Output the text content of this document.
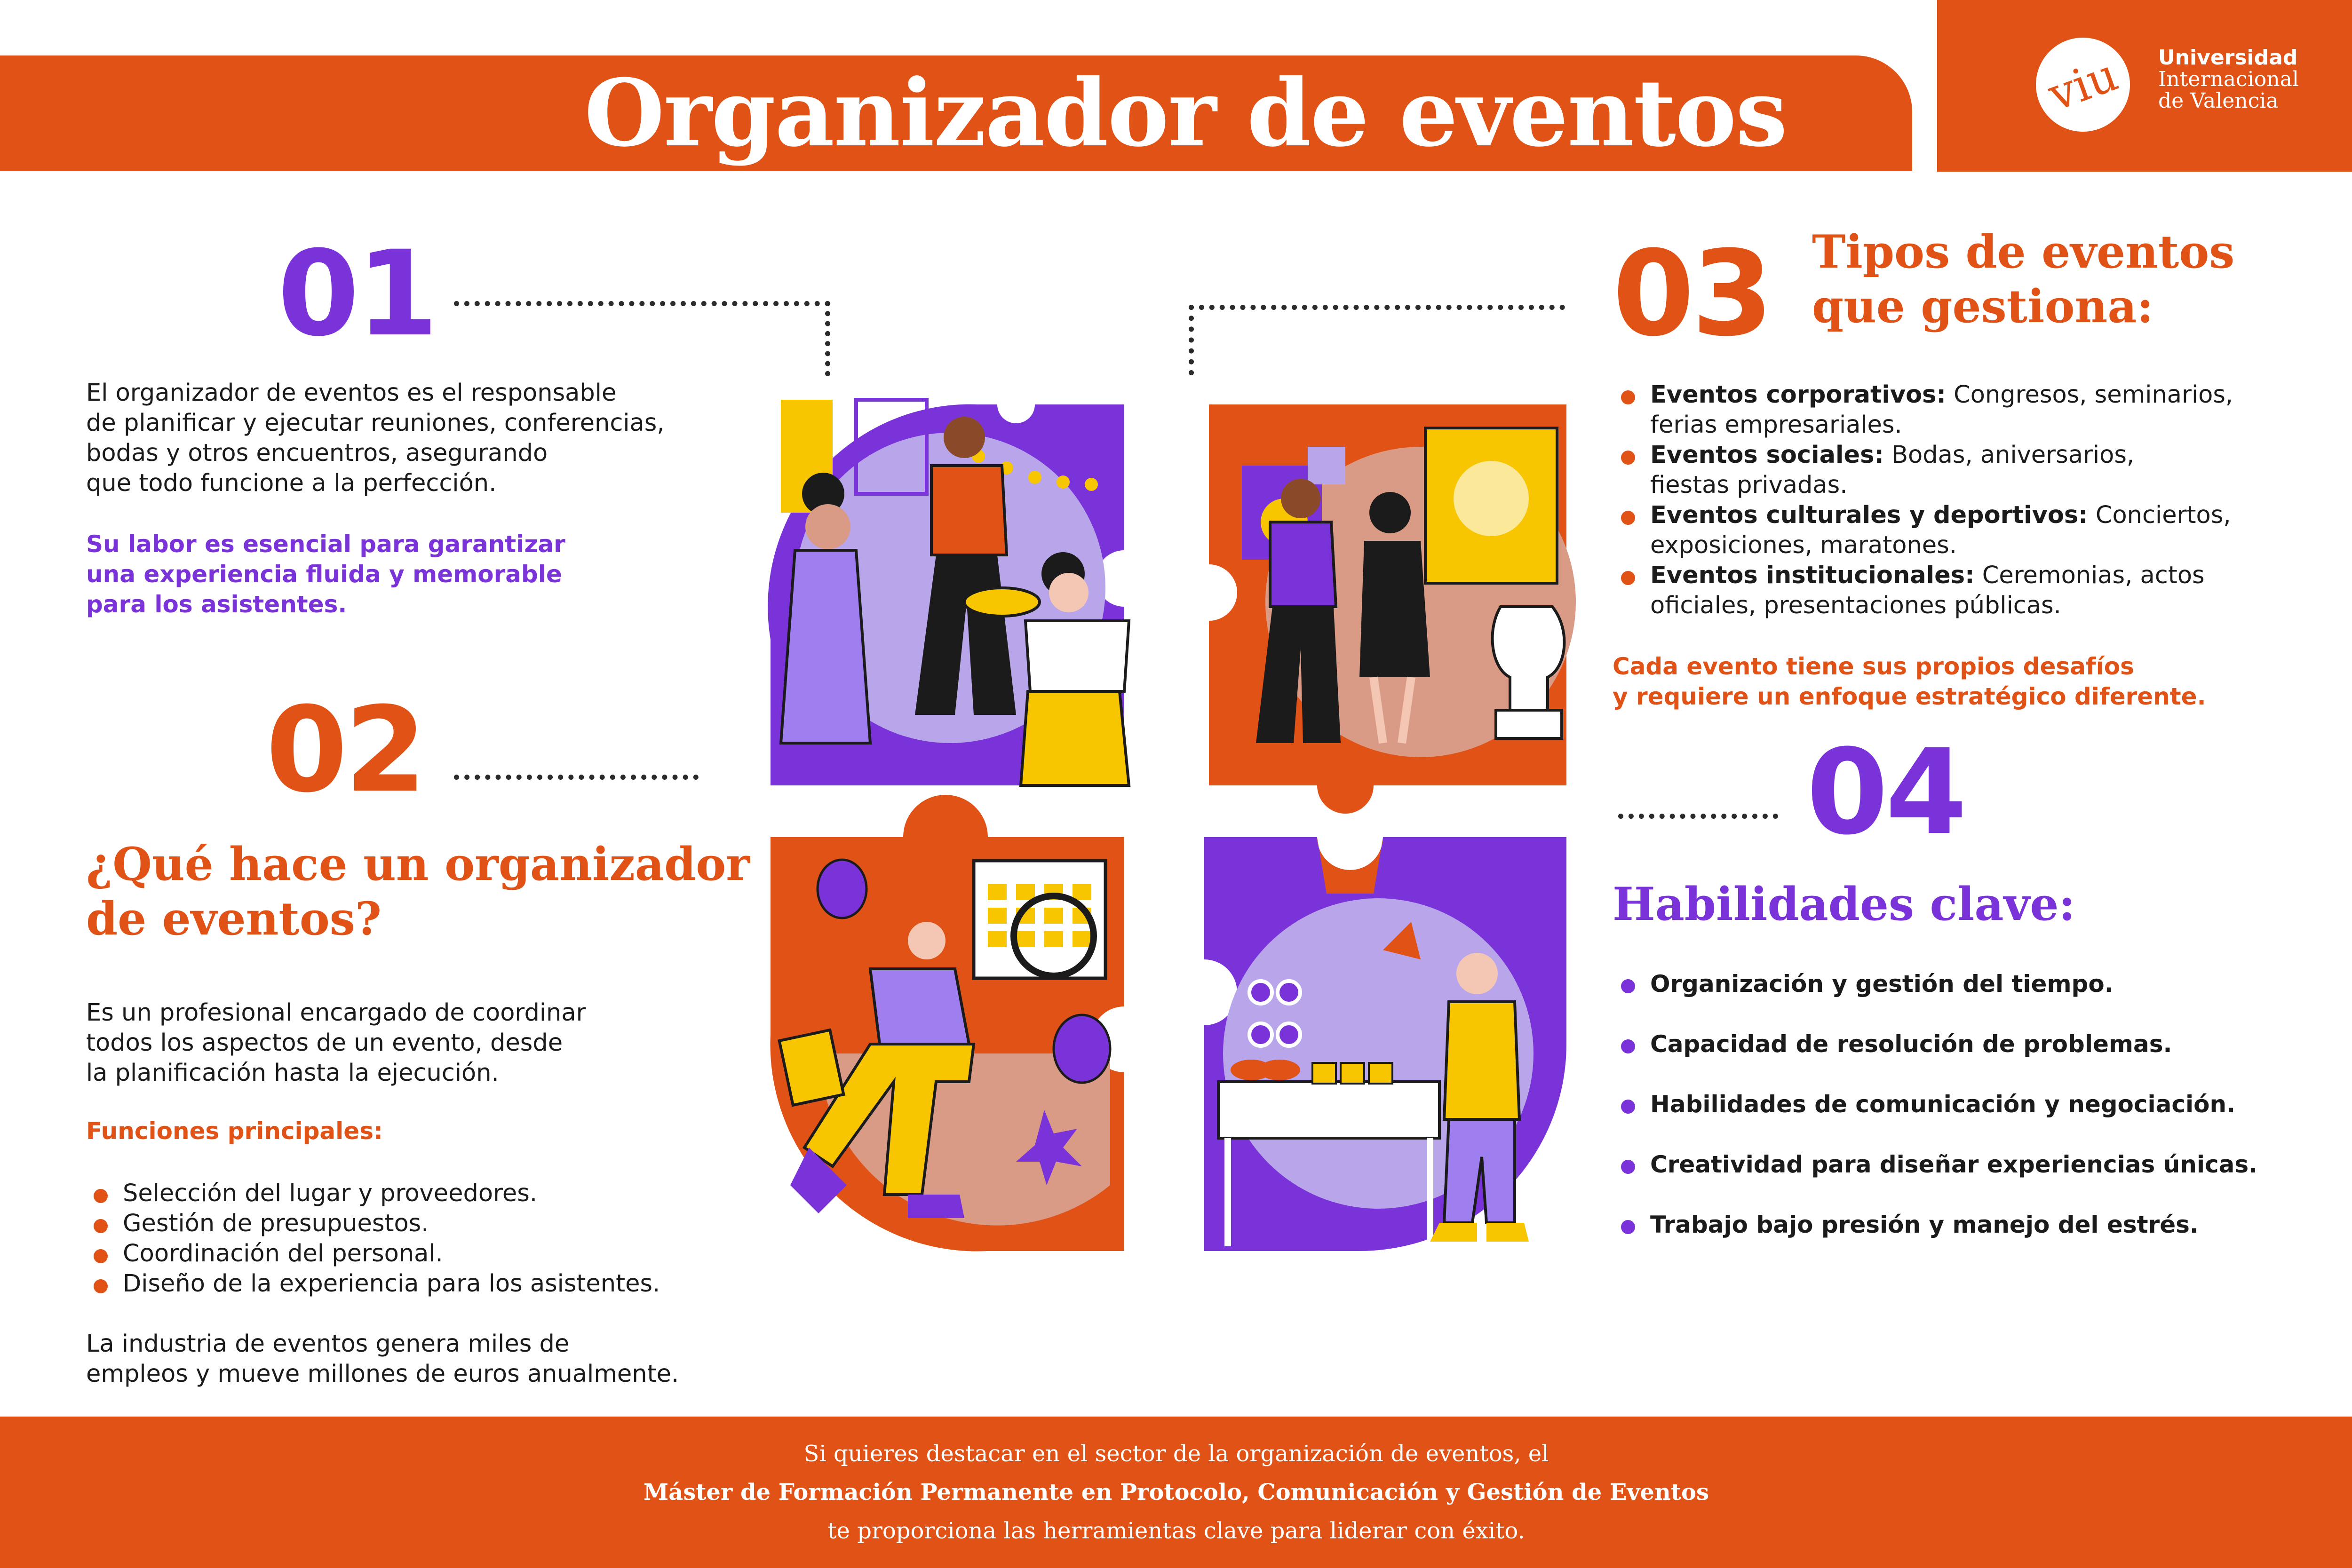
Organizador de eventos	viu	Universidad
Internacional
de Valencia
01
El organizador de eventos es el responsable
de planificar y ejecutar reuniones, conferencias,
bodas y otros encuentros, asegurando
que todo funcione a la perfección.
Su labor es esencial para garantizar
una experiencia fluida y memorable
para los asistentes.
02
¿Qué hace un organizador
de eventos?
Es un profesional encargado de coordinar
todos los aspectos de un evento, desde
la planificación hasta la ejecución.
Funciones principales:
Selección del lugar y proveedores.
Gestión de presupuestos.
Coordinación del personal.
Diseño de la experiencia para los asistentes.
La industria de eventos genera miles de
empleos y mueve millones de euros anualmente.
03 Tipos de eventos
que gestiona:
Eventos corporativos: Congresos, seminarios,
ferias empresariales.
Eventos sociales: Bodas, aniversarios,
fiestas privadas.
Eventos culturales y deportivos: Conciertos,
exposiciones, maratones.
Eventos institucionales: Ceremonias, actos
oficiales, presentaciones públicas.
Cada evento tiene sus propios desafíos
y requiere un enfoque estratégico diferente.
04
Habilidades clave:
Organización y gestión del tiempo.
Capacidad de resolución de problemas.
Habilidades de comunicación y negociación.
Creatividad para diseñar experiencias únicas.
Trabajo bajo presión y manejo del estrés.
Si quieres destacar en el sector de la organización de eventos, el
Máster de Formación Permanente en Protocolo, Comunicación y Gestión de Eventos
te proporciona las herramientas clave para liderar con éxito.
